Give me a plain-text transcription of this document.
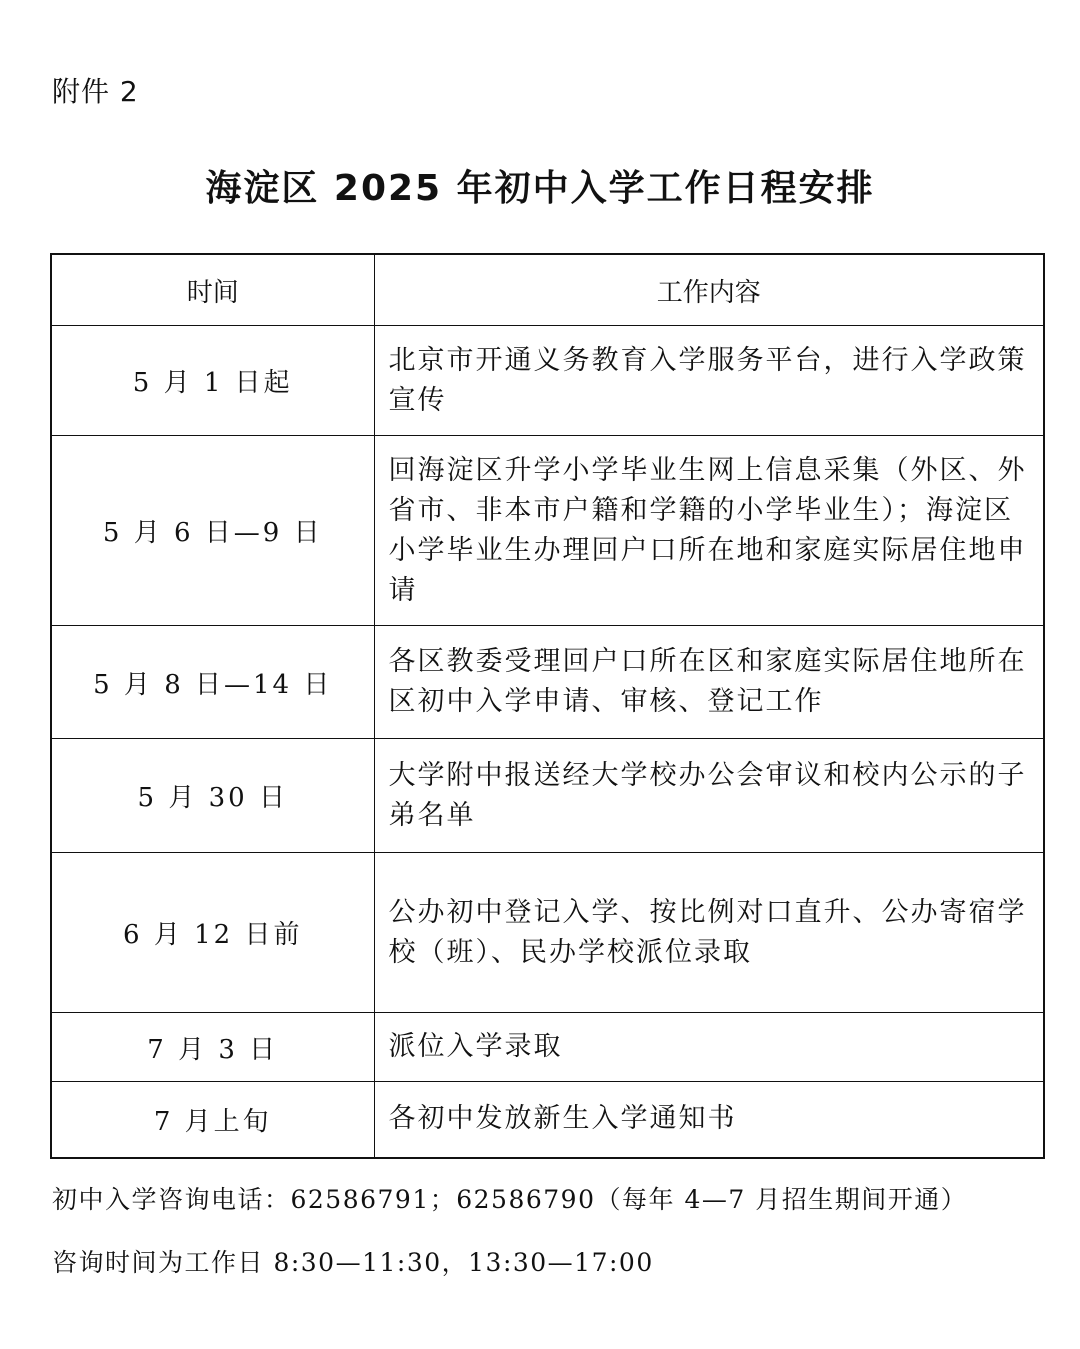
附件 2
海淀区 2025 年初中入学工作日程安排
时间	工作内容
5 月 1 日起	北京市开通义务教育入学服务平台，进行入学政策宣传
5 月 6 日—9 日	回海淀区升学小学毕业生网上信息采集（外区、外省市、非本市户籍和学籍的小学毕业生）；海淀区小学毕业生办理回户口所在地和家庭实际居住地申请
5 月 8 日—14 日	各区教委受理回户口所在区和家庭实际居住地所在区初中入学申请、审核、登记工作
5 月 30 日	大学附中报送经大学校办公会审议和校内公示的子弟名单
6 月 12 日前	公办初中登记入学、按比例对口直升、公办寄宿学校（班）、民办学校派位录取
7 月 3 日	派位入学录取
7 月上旬	各初中发放新生入学通知书
初中入学咨询电话：62586791；62586790（每年 4—7 月招生期间开通）
咨询时间为工作日 8:30—11:30，13:30—17:00
